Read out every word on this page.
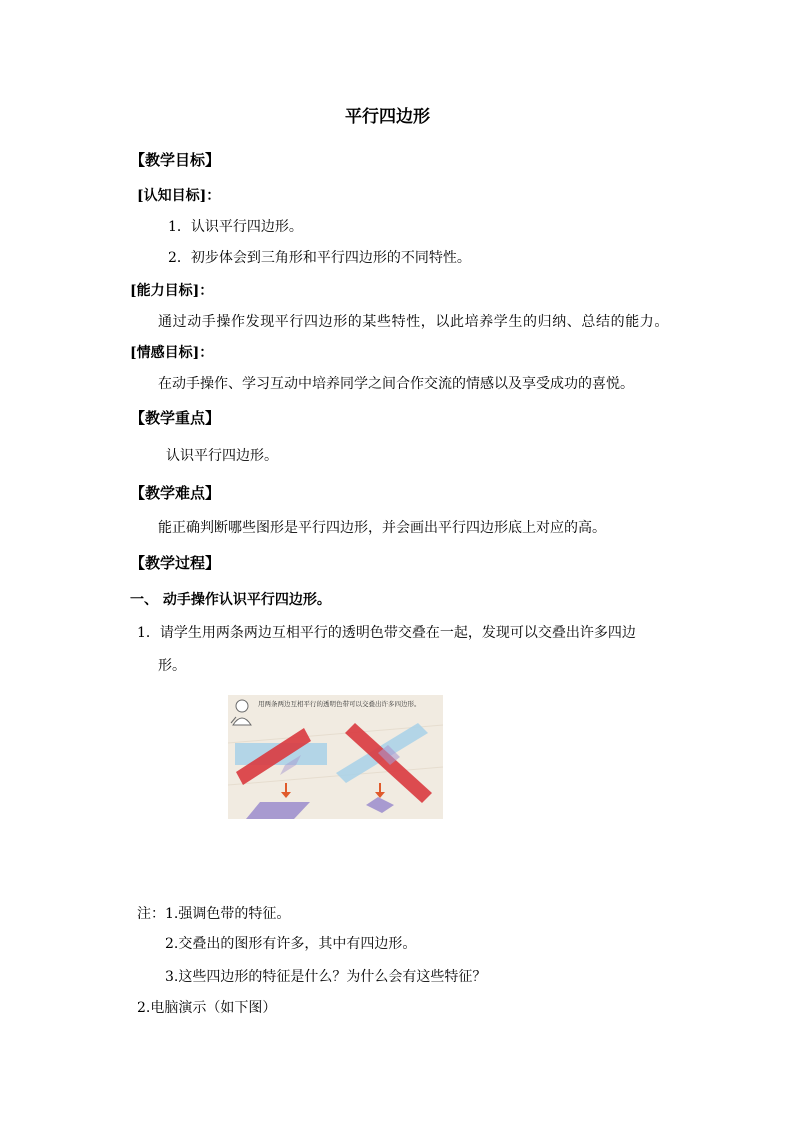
平行四边形
【教学目标】
[认知目标]：
1．认识平行四边形。
2．初步体会到三角形和平行四边形的不同特性。
[能力目标]：
通过动手操作发现平行四边形的某些特性，以此培养学生的归纳、总结的能力。
[情感目标]：
在动手操作、学习互动中培养同学之间合作交流的情感以及享受成功的喜悦。
【教学重点】
认识平行四边形。
【教学难点】
能正确判断哪些图形是平行四边形，并会画出平行四边形底上对应的高。
【教学过程】
一、 动手操作认识平行四边形。
1．请学生用两条两边互相平行的透明色带交叠在一起，发现可以交叠出许多四边
形。
用两条两边互相平行的透明色带可以交叠出许多四边形。
注：1.强调色带的特征。
2.交叠出的图形有许多，其中有四边形。
3.这些四边形的特征是什么？为什么会有这些特征？
2.电脑演示（如下图）
